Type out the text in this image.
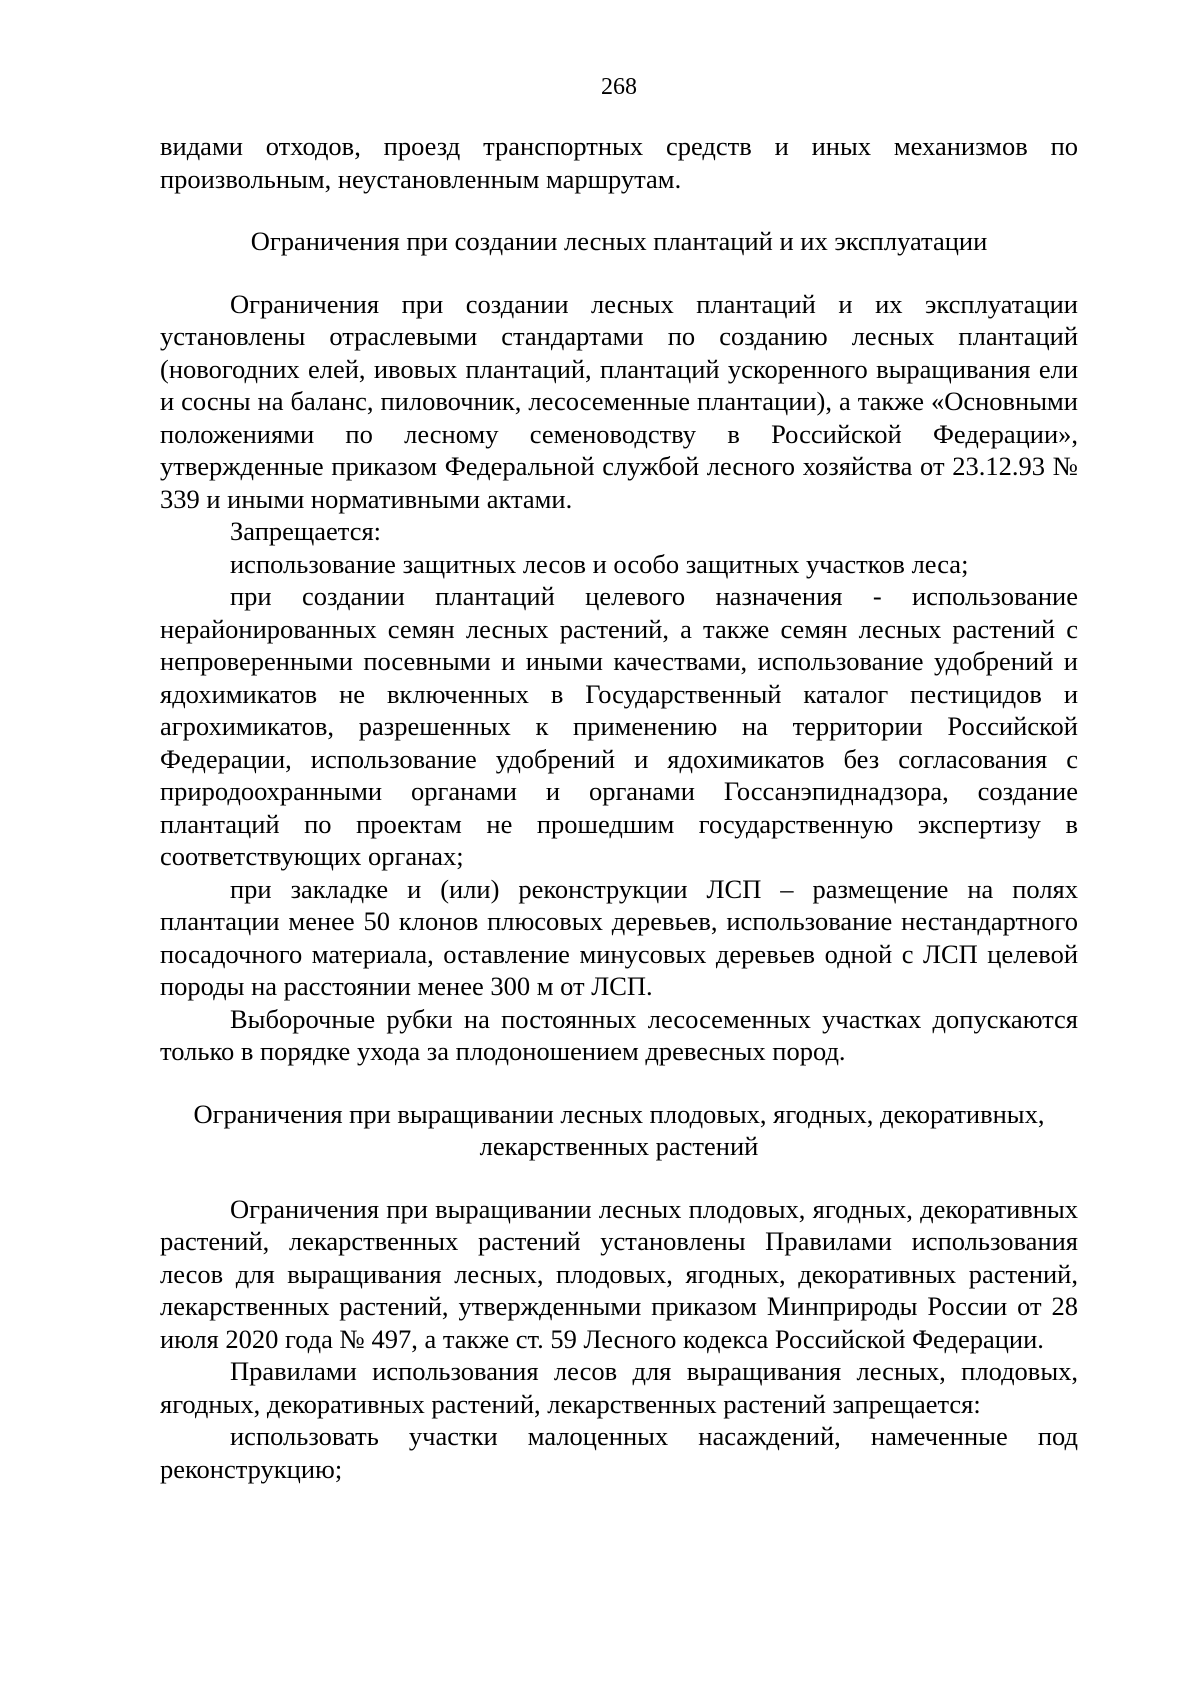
268

видами отходов, проезд транспортных средств и иных механизмов по произвольным, неустановленным маршрутам.

Ограничения при создании лесных плантаций и их эксплуатации

Ограничения при создании лесных плантаций и их эксплуатации установлены отраслевыми стандартами по созданию лесных плантаций (новогодних елей, ивовых плантаций, плантаций ускоренного выращивания ели и сосны на баланс, пиловочник, лесосеменные плантации), а также «Основными положениями по лесному семеноводству в Российской Федерации», утвержденные приказом Федеральной службой лесного хозяйства от 23.12.93 № 339 и иными нормативными актами.

Запрещается:

использование защитных лесов и особо защитных участков леса;

при создании плантаций целевого назначения - использование нерайонированных семян лесных растений, а также семян лесных растений с непроверенными посевными и иными качествами, использование удобрений и ядохимикатов не включенных в Государственный каталог пестицидов и агрохимикатов, разрешенных к применению на территории Российской Федерации, использование удобрений и ядохимикатов без согласования с природоохранными органами и органами Госсанэпиднадзора, создание плантаций по проектам не прошедшим государственную экспертизу в соответствующих органах;

при закладке и (или) реконструкции ЛСП – размещение на полях плантации менее 50 клонов плюсовых деревьев, использование нестандартного посадочного материала, оставление минусовых деревьев одной с ЛСП целевой породы на расстоянии менее 300 м от ЛСП.

Выборочные рубки на постоянных лесосеменных участках допускаются только в порядке ухода за плодоношением древесных пород.

Ограничения при выращивании лесных плодовых, ягодных, декоративных,
лекарственных растений

Ограничения при выращивании лесных плодовых, ягодных, декоративных растений, лекарственных растений установлены Правилами использования лесов для выращивания лесных, плодовых, ягодных, декоративных растений, лекарственных растений, утвержденными приказом Минприроды России от 28 июля 2020 года № 497, а также ст. 59 Лесного кодекса Российской Федерации.

Правилами использования лесов для выращивания лесных, плодовых, ягодных, декоративных растений, лекарственных растений запрещается:

использовать участки малоценных насаждений, намеченные под реконструкцию;
